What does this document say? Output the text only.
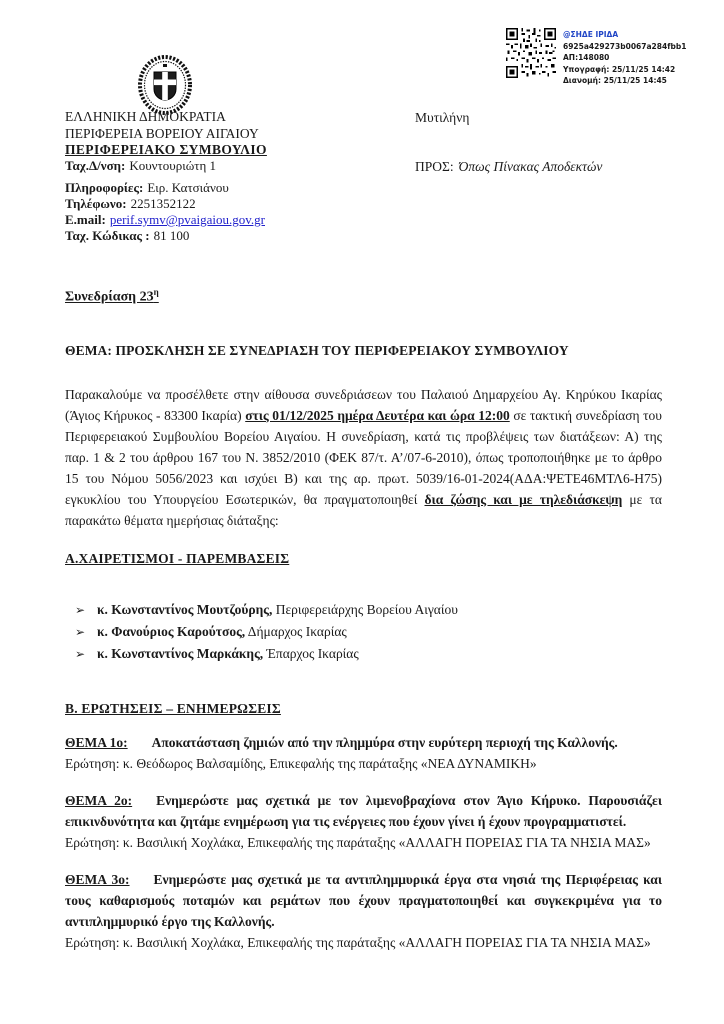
@ΣΗΔΕ ΙΡΙΔΑ
6925a429273b0067a284fbb1
ΑΠ:148080
Υπογραφή: 25/11/25 14:42
Διανομή: 25/11/25 14:45
ΕΛΛΗΝΙΚΗ ΔΗΜΟΚΡΑΤΙΑ
ΠΕΡΙΦΕΡΕΙΑ ΒΟΡΕΙΟΥ ΑΙΓΑΙΟΥ
ΠΕΡΙΦΕΡΕΙΑΚΟ ΣΥΜΒΟΥΛΙΟ
Μυτιλήνη
ΠΡΟΣ: Όπως Πίνακας Αποδεκτών
Ταχ.Δ/νση: Κουντουριώτη 1
Πληροφορίες: Ειρ. Κατσιάνου
Τηλέφωνο: 2251352122
E.mail: perif.symv@pvaigaiou.gov.gr
Ταχ. Κώδικας : 81 100
Συνεδρίαση $23^\eta$
ΘΕΜΑ: ΠΡΟΣΚΛΗΣΗ ΣΕ ΣΥΝΕΔΡΙΑΣΗ ΤΟΥ ΠΕΡΙΦΕΡΕΙΑΚΟΥ ΣΥΜΒΟΥΛΙΟΥ

Παρακαλούμε να προσέλθετε στην αίθουσα συνεδριάσεων του Παλαιού Δημαρχείου Αγ. Κηρύκου Ικαρίας (Άγιος Κήρυκος - 83300 Ικαρία) στις 01/12/2025 ημέρα Δευτέρα και ώρα 12:00 σε τακτική συνεδρίαση του Περιφερειακού Συμβουλίου Βορείου Αιγαίου. Η συνεδρίαση, κατά τις προβλέψεις των διατάξεων: Α) της παρ. 1 & 2 του άρθρου 167 του Ν. 3852/2010 (ΦΕΚ 87/τ. Α’/07-6-2010), όπως τροποποιήθηκε με το άρθρο 15 του Νόμου 5056/2023 και ισχύει Β) και της αρ. πρωτ. 5039/16-01-2024(ΑΔΑ:ΨΕΤΕ46ΜΤΛ6-Η75) εγκυκλίου του Υπουργείου Εσωτερικών, θα πραγματοποιηθεί δια ζώσης και με τηλεδιάσκεψη με τα παρακάτω θέματα ημερήσιας διάταξης:

Α.ΧΑΙΡΕΤΙΣΜΟΙ - ΠΑΡΕΜΒΑΣΕΙΣ
➢ κ. Κωνσταντίνος Μουτζούρης, Περιφερειάρχης Βορείου Αιγαίου
➢ κ. Φανούριος Καρούτσος, Δήμαρχος Ικαρίας
➢ κ. Κωνσταντίνος Μαρκάκης, Έπαρχος Ικαρίας
Β. ΕΡΩΤΗΣΕΙΣ – ΕΝΗΜΕΡΩΣΕΙΣ

ΘΕΜΑ 1ο: Αποκατάσταση ζημιών από την πλημμύρα στην ευρύτερη περιοχή της Καλλονής.

Ερώτηση: κ. Θεόδωρος Βαλσαμίδης, Επικεφαλής της παράταξης «ΝΕΑ ΔΥΝΑΜΙΚΗ»

ΘΕΜΑ 2ο: Ενημερώστε μας σχετικά με τον λιμενοβραχίονα στον Άγιο Κήρυκο. Παρουσιάζει επικινδυνότητα και ζητάμε ενημέρωση για τις ενέργειες που έχουν γίνει ή έχουν προγραμματιστεί.

Ερώτηση: κ. Βασιλική Χοχλάκα, Επικεφαλής της παράταξης «ΑΛΛΑΓΗ ΠΟΡΕΙΑΣ ΓΙΑ ΤΑ ΝΗΣΙΑ ΜΑΣ»

ΘΕΜΑ 3ο: Ενημερώστε μας σχετικά με τα αντιπλημμυρικά έργα στα νησιά της Περιφέρειας και τους καθαρισμούς ποταμών και ρεμάτων που έχουν πραγματοποιηθεί και συγκεκριμένα για το αντιπλημμυρικό έργο της Καλλονής.

Ερώτηση: κ. Βασιλική Χοχλάκα, Επικεφαλής της παράταξης «ΑΛΛΑΓΗ ΠΟΡΕΙΑΣ ΓΙΑ ΤΑ ΝΗΣΙΑ ΜΑΣ»
